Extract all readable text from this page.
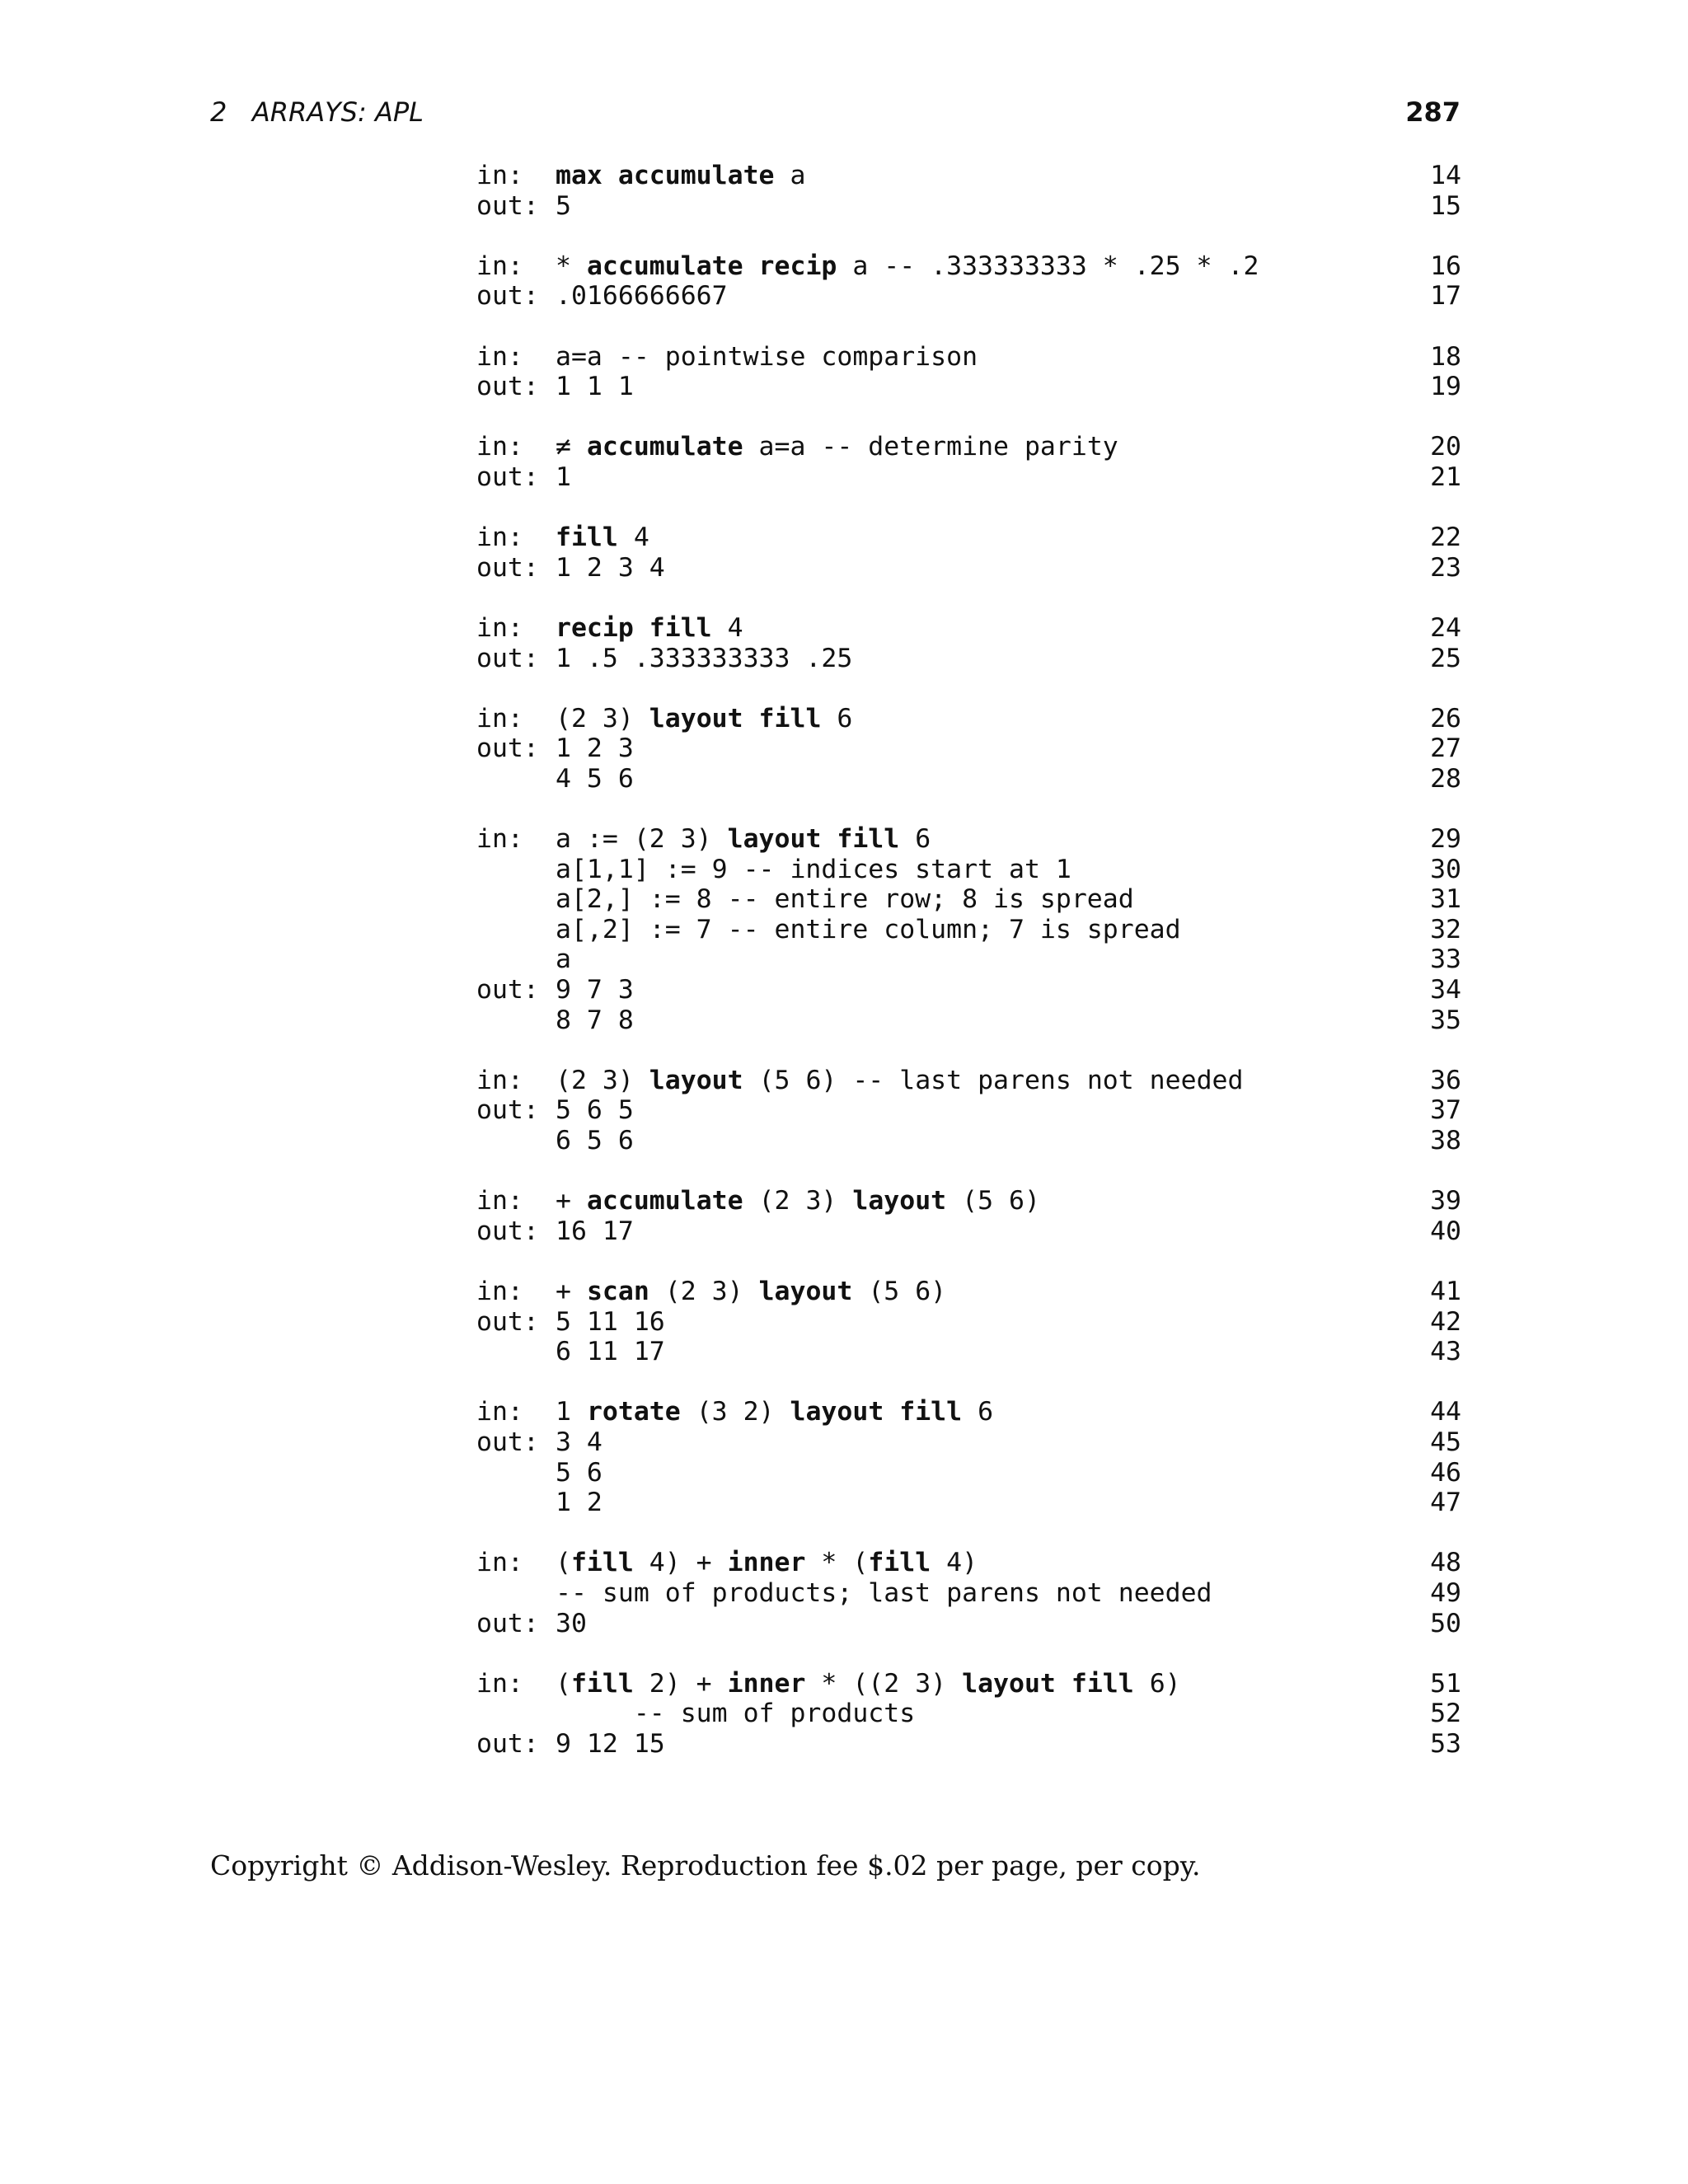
2   ARRAYS: APL	287
in:	max accumulate a	14
out: 5	15
in:	* accumulate recip a -- .333333333 * .25 * .2	16
out: .0166666667	17
in:	a=a -- pointwise comparison	18
out: 1 1 1	19
in:	≠ accumulate a=a -- determine parity	20
out: 1	21
in:	fill 4	22
out: 1 2 3 4	23
in:	recip fill 4	24
out: 1 .5 .333333333 .25	25
in:	(2 3) layout fill 6	26
out: 1 2 3	27
4 5 6	28
in:	a := (2 3) layout fill 6	29
a[1,1] := 9 -- indices start at 1	30
a[2,] := 8 -- entire row; 8 is spread	31
a[,2] := 7 -- entire column; 7 is spread	32
a	33
out: 9 7 3	34
8 7 8	35
in:	(2 3) layout (5 6) -- last parens not needed	36
out: 5 6 5	37
6 5 6	38
in:	+ accumulate (2 3) layout (5 6)	39
out: 16 17	40
in:	+ scan (2 3) layout (5 6)	41
out: 5 11 16	42
6 11 17	43
in:	1 rotate (3 2) layout fill 6	44
out: 3 4	45
5 6	46
1 2	47
in:	(fill 4) + inner * (fill 4)	48
-- sum of products; last parens not needed	49
out: 30	50
in:	(fill 2) + inner * ((2 3) layout fill 6)	51
-- sum of products	52
out: 9 12 15	53
Copyright © Addison-Wesley. Reproduction fee $.02 per page, per copy.
